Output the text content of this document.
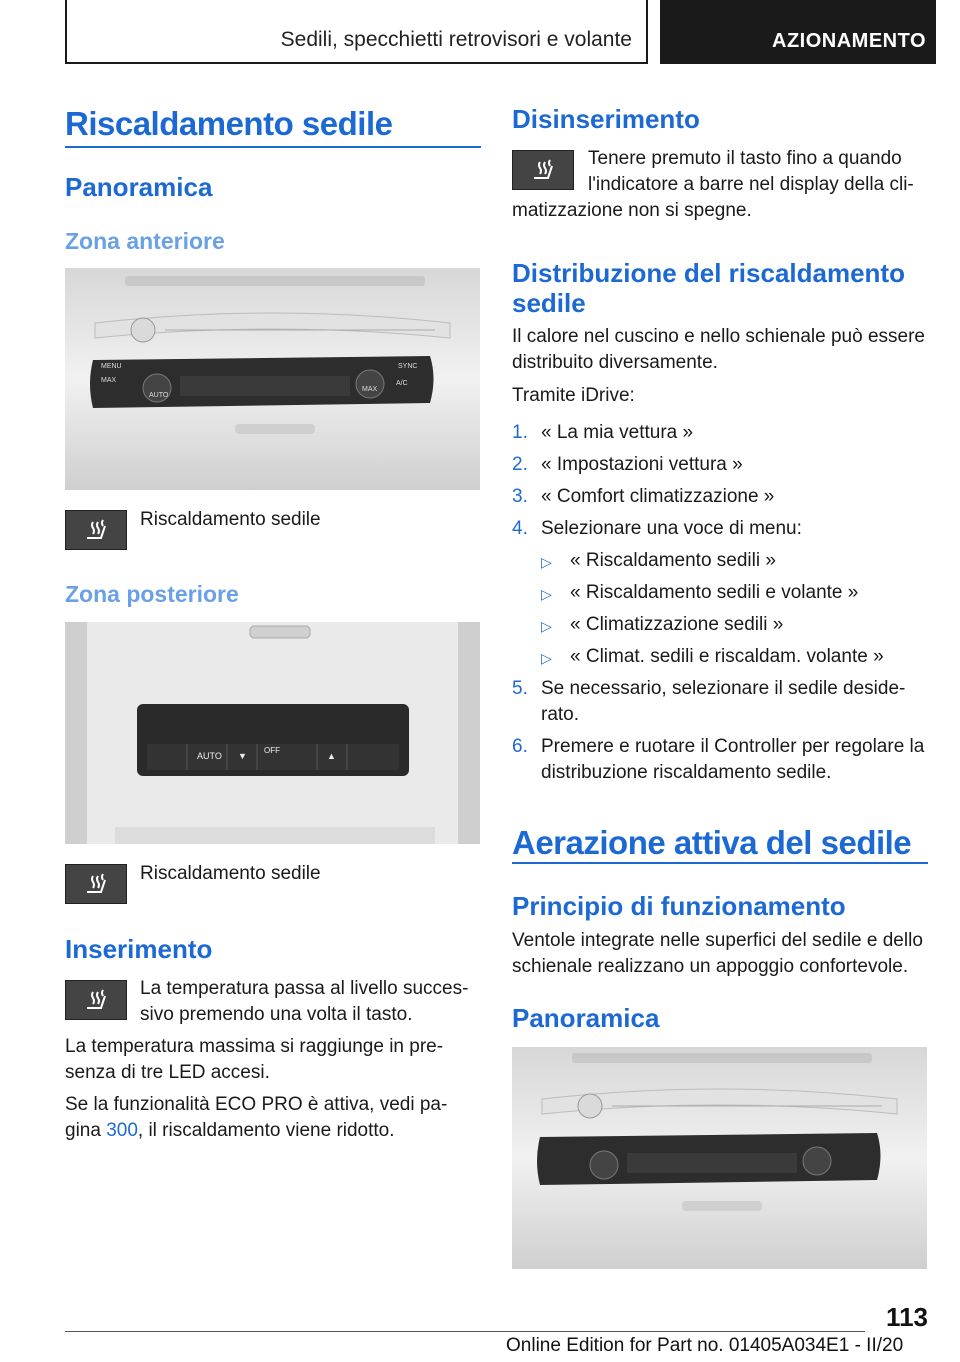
Sedili, specchietti retrovisori e volante	AZIONAMENTO
Riscaldamento sedile
Panoramica
Zona anteriore
MENU
MAX
AUTO
MAX
A/C
SYNC

Riscaldamento sedile

Zona posteriore
AUTO ▼
OFF
▲

Riscaldamento sedile

Inserimento

La temperatura passa al livello succes-

sivo premendo una volta il tasto.

La temperatura massima si raggiunge in pre-

senza di tre LED accesi.

Se la funzionalità ECO PRO è attiva, vedi pa-

gina 300, il riscaldamento viene ridotto.

Disinserimento

Tenere premuto il tasto fino a quando

l'indicatore a barre nel display della cli-

matizzazione non si spegne.

Distribuzione del riscaldamento
sedile

Il calore nel cuscino e nello schienale può essere

distribuito diversamente.

Tramite iDrive:

1. « La mia vettura »
2. « Impostazioni vettura »
3. « Comfort climatizzazione »
4. Selezionare una voce di menu:
▷ « Riscaldamento sedili »
▷ « Riscaldamento sedili e volante »
▷ « Climatizzazione sedili »
▷ « Climat. sedili e riscaldam. volante »
5. Se necessario, selezionare il sedile deside-
rato.
6. Premere e ruotare il Controller per regolare la
distribuzione riscaldamento sedile.
Aerazione attiva del sedile
Principio di funzionamento

Ventole integrate nelle superfici del sedile e dello

schienale realizzano un appoggio confortevole.

Panoramica
113
Online Edition for Part no. 01405A034E1 - II/20
